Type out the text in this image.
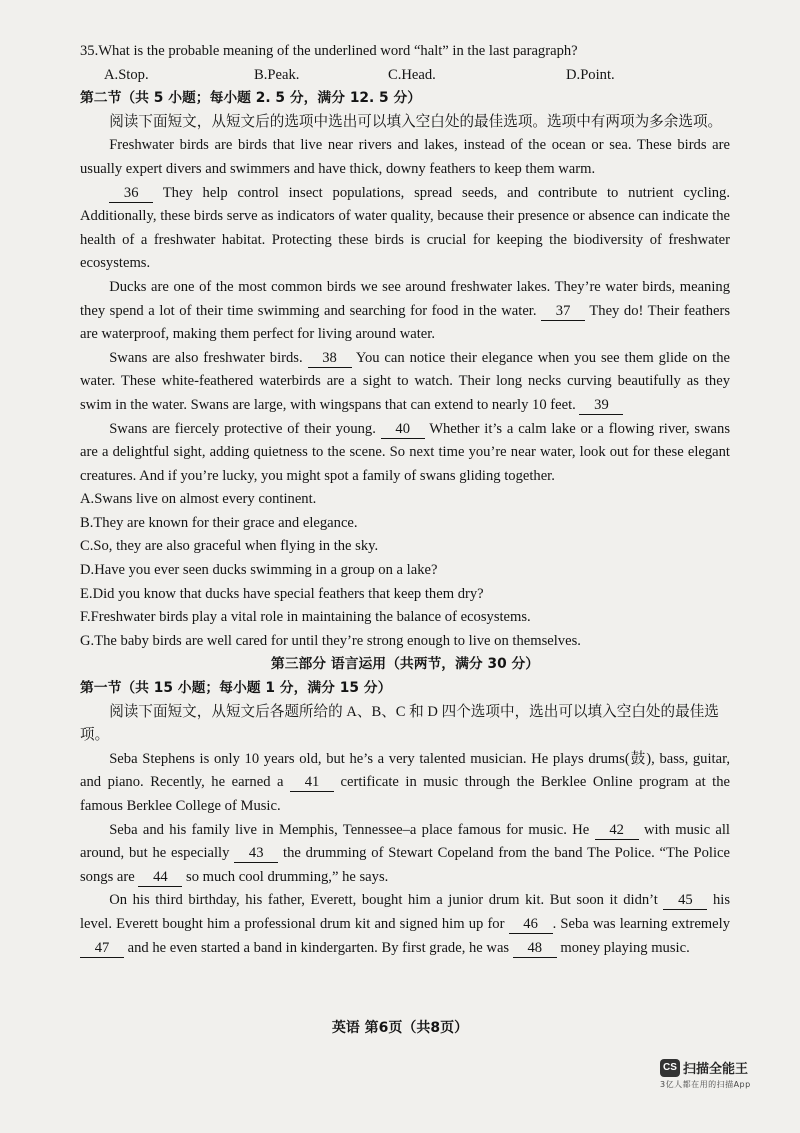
35.What is the probable meaning of the underlined word “halt” in the last paragraph?

A.Stop.	B.Peak.	C.Head.	D.Point.

第二节（共 5 小题；每小题 2. 5 分，满分 12. 5 分）

阅读下面短文，从短文后的选项中选出可以填入空白处的最佳选项。选项中有两项为多余选项。

Freshwater birds are birds that live near rivers and lakes, instead of the ocean or sea. These birds are usually expert divers and swimmers and have thick, downy feathers to keep them warm.

36 They help control insect populations, spread seeds, and contribute to nutrient cycling. Additionally, these birds serve as indicators of water quality, because their presence or absence can indicate the health of a freshwater habitat. Protecting these birds is crucial for keeping the biodiversity of freshwater ecosystems.

Ducks are one of the most common birds we see around freshwater lakes. They’re water birds, meaning they spend a lot of their time swimming and searching for food in the water. 37 They do! Their feathers are waterproof, making them perfect for living around water.

Swans are also freshwater birds. 38 You can notice their elegance when you see them glide on the water. These white-feathered waterbirds are a sight to watch. Their long necks curving beautifully as they swim in the water. Swans are large, with wingspans that can extend to nearly 10 feet. 39

Swans are fiercely protective of their young. 40 Whether it’s a calm lake or a flowing river, swans are a delightful sight, adding quietness to the scene. So next time you’re near water, look out for these elegant creatures. And if you’re lucky, you might spot a family of swans gliding together.

A.Swans live on almost every continent.

B.They are known for their grace and elegance.

C.So, they are also graceful when flying in the sky.

D.Have you ever seen ducks swimming in a group on a lake?

E.Did you know that ducks have special feathers that keep them dry?

F.Freshwater birds play a vital role in maintaining the balance of ecosystems.

G.The baby birds are well cared for until they’re strong enough to live on themselves.

第三部分 语言运用（共两节，满分 30 分）

第一节（共 15 小题；每小题 1 分，满分 15 分）

阅读下面短文，从短文后各题所给的 A、B、C 和 D 四个选项中，选出可以填入空白处的最佳选项。

Seba Stephens is only 10 years old, but he’s a very talented musician. He plays drums(鼓), bass, guitar, and piano. Recently, he earned a 41 certificate in music through the Berklee Online program at the famous Berklee College of Music.

Seba and his family live in Memphis, Tennessee–a place famous for music. He 42 with music all around, but he especially 43 the drumming of Stewart Copeland from the band The Police. “The Police songs are 44 so much cool drumming,” he says.

On his third birthday, his father, Everett, bought him a junior drum kit. But soon it didn’t 45 his level. Everett bought him a professional drum kit and signed him up for 46 . Seba was learning extremely 47 and he even started a band in kindergarten. By first grade, he was 48 money playing music.

英语 第6页（共8页）
CS 扫描全能王
3亿人都在用的扫描App
